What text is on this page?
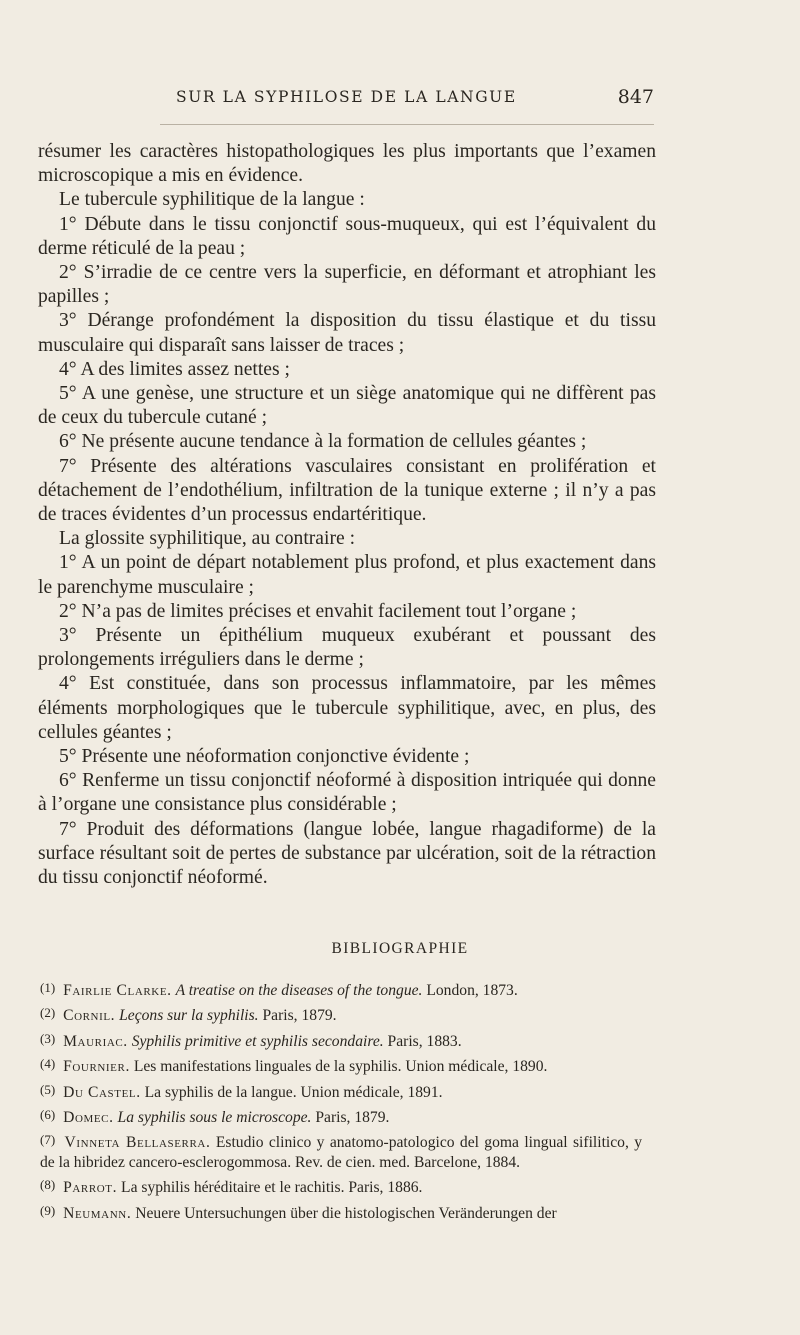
SUR LA SYPHILOSE DE LA LANGUE	847

résumer les caractères histopathologiques les plus importants que l’examen microscopique a mis en évidence.

Le tubercule syphilitique de la langue :

1° Débute dans le tissu conjonctif sous-muqueux, qui est l’équivalent du derme réticulé de la peau ;

2° S’irradie de ce centre vers la superficie, en déformant et atrophiant les papilles ;

3° Dérange profondément la disposition du tissu élastique et du tissu musculaire qui disparaît sans laisser de traces ;

4° A des limites assez nettes ;

5° A une genèse, une structure et un siège anatomique qui ne diffèrent pas de ceux du tubercule cutané ;

6° Ne présente aucune tendance à la formation de cellules géantes ;

7° Présente des altérations vasculaires consistant en prolifération et détachement de l’endothélium, infiltration de la tunique externe ; il n’y a pas de traces évidentes d’un processus endartéritique.

La glossite syphilitique, au contraire :

1° A un point de départ notablement plus profond, et plus exactement dans le parenchyme musculaire ;

2° N’a pas de limites précises et envahit facilement tout l’organe ;

3° Présente un épithélium muqueux exubérant et poussant des prolongements irréguliers dans le derme ;

4° Est constituée, dans son processus inflammatoire, par les mêmes éléments morphologiques que le tubercule syphilitique, avec, en plus, des cellules géantes ;

5° Présente une néoformation conjonctive évidente ;

6° Renferme un tissu conjonctif néoformé à disposition intriquée qui donne à l’organe une consistance plus considérable ;

7° Produit des déformations (langue lobée, langue rhagadiforme) de la surface résultant soit de pertes de substance par ulcération, soit de la rétraction du tissu conjonctif néoformé.

BIBLIOGRAPHIE

(1) Fairlie Clarke. A treatise on the diseases of the tongue. London, 1873.

(2) Cornil. Leçons sur la syphilis. Paris, 1879.

(3) Mauriac. Syphilis primitive et syphilis secondaire. Paris, 1883.

(4) Fournier. Les manifestations linguales de la syphilis. Union médicale, 1890.

(5) Du Castel. La syphilis de la langue. Union médicale, 1891.

(6) Domec. La syphilis sous le microscope. Paris, 1879.

(7) Vinneta Bellaserra. Estudio clinico y anatomo-patologico del goma lingual sifilitico, y de la hibridez cancero-esclerogommosa. Rev. de cien. med. Barcelone, 1884.

(8) Parrot. La syphilis héréditaire et le rachitis. Paris, 1886.

(9) Neumann. Neuere Untersuchungen über die histologischen Veränderungen der
